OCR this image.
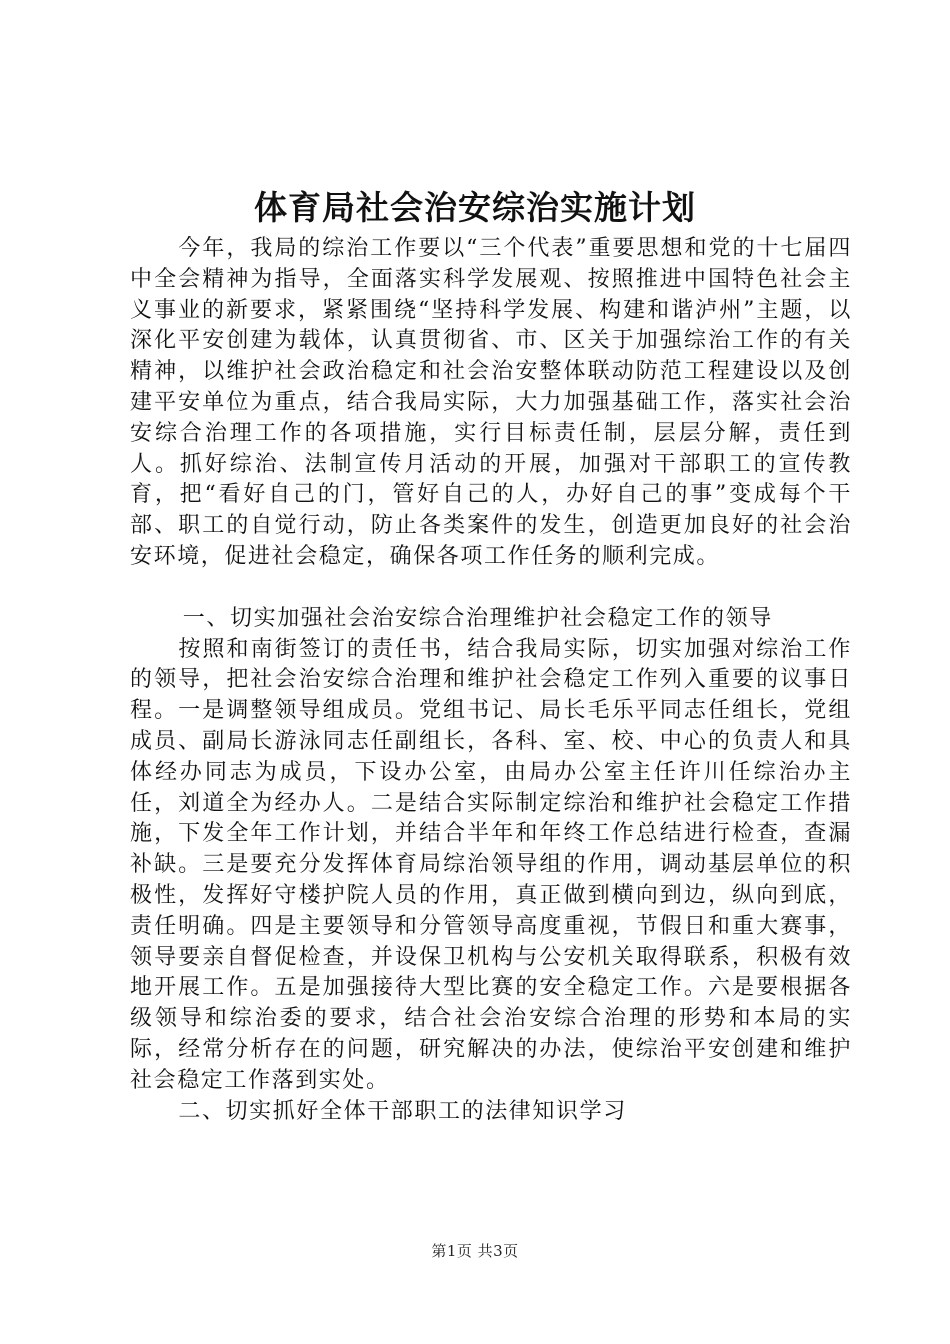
体育局社会治安综治实施计划

今年，我局的综治工作要以“三个代表”重要思想和党的十七届四中全会精神为指导，全面落实科学发展观、按照推进中国特色社会主义事业的新要求，紧紧围绕“坚持科学发展、构建和谐泸州”主题，以深化平安创建为载体，认真贯彻省、市、区关于加强综治工作的有关精神，以维护社会政治稳定和社会治安整体联动防范工程建设以及创建平安单位为重点，结合我局实际，大力加强基础工作，落实社会治安综合治理工作的各项措施，实行目标责任制，层层分解，责任到人。抓好综治、法制宣传月活动的开展，加强对干部职工的宣传教育，把“看好自己的门，管好自己的人，办好自己的事”变成每个干部、职工的自觉行动，防止各类案件的发生，创造更加良好的社会治安环境，促进社会稳定，确保各项工作任务的顺利完成。

一、切实加强社会治安综合治理维护社会稳定工作的领导

按照和南街签订的责任书，结合我局实际，切实加强对综治工作的领导，把社会治安综合治理和维护社会稳定工作列入重要的议事日程。一是调整领导组成员。党组书记、局长毛乐平同志任组长，党组成员、副局长游泳同志任副组长，各科、室、校、中心的负责人和具体经办同志为成员，下设办公室，由局办公室主任许川任综治办主任，刘道全为经办人。二是结合实际制定综治和维护社会稳定工作措施，下发全年工作计划，并结合半年和年终工作总结进行检查，查漏补缺。三是要充分发挥体育局综治领导组的作用，调动基层单位的积极性，发挥好守楼护院人员的作用，真正做到横向到边，纵向到底，责任明确。四是主要领导和分管领导高度重视，节假日和重大赛事，领导要亲自督促检查，并设保卫机构与公安机关取得联系，积极有效地开展工作。五是加强接待大型比赛的安全稳定工作。六是要根据各级领导和综治委的要求，结合社会治安综合治理的形势和本局的实际，经常分析存在的问题，研究解决的办法，使综治平安创建和维护社会稳定工作落到实处。

二、切实抓好全体干部职工的法律知识学习

第1页 共3页
